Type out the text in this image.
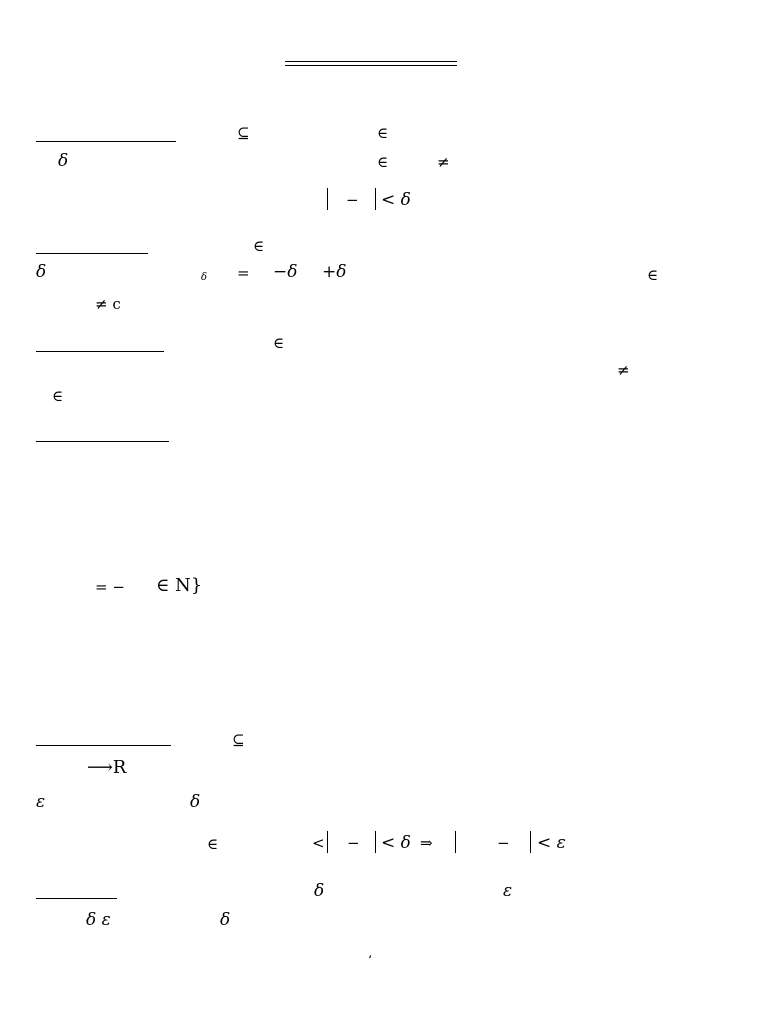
⊆	∈
δ	∈	≠
− < δ
∈
δ	δ = −δ +δ	∈
≠ c
∈
≠
∈
= − ∈ N}
⊆
⟶R
ε	δ
∈	< − < δ ⇒	− < ε
δ	ε
δ ε	δ
،
